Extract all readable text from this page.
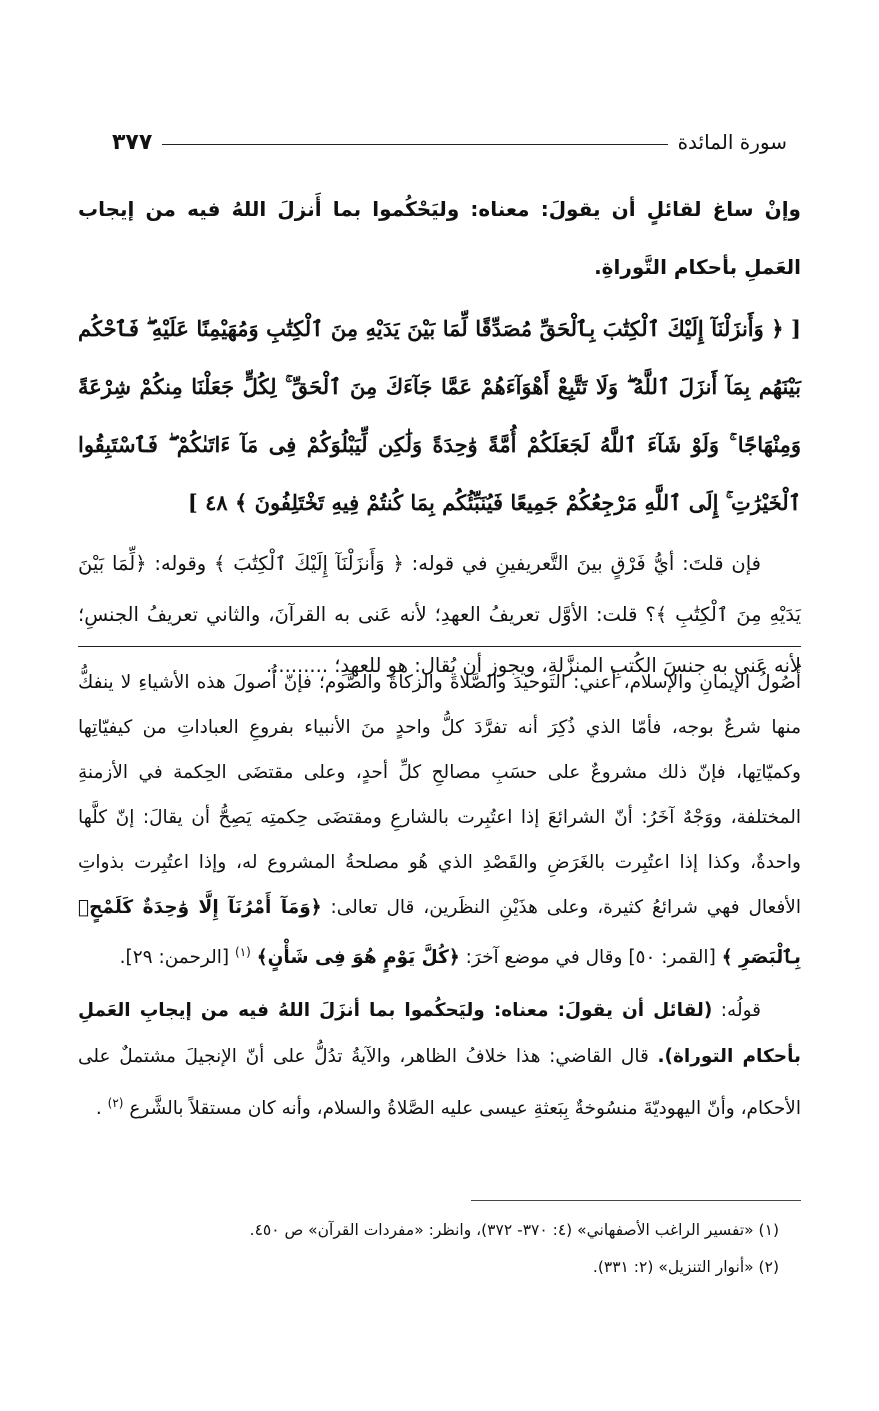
سورة المائدة
٣٧٧

وإنْ ساغ لقائلٍ أن يقولَ: معناه: وليَحْكُموا بما أَنزلَ اللهُ فيه من إيجاب العَملِ بأحكام التَّوراةِ.

[ ﴿ وَأَنزَلْنَآ إِلَيْكَ ٱلْكِتَٰبَ بِٱلْحَقِّ مُصَدِّقًا لِّمَا بَيْنَ يَدَيْهِ مِنَ ٱلْكِتَٰبِ وَمُهَيْمِنًا عَلَيْهِ ۖ فَٱحْكُم بَيْنَهُم بِمَآ أَنزَلَ ٱللَّهُ ۖ وَلَا تَتَّبِعْ أَهْوَآءَهُمْ عَمَّا جَآءَكَ مِنَ ٱلْحَقِّ ۚ لِكُلٍّ جَعَلْنَا مِنكُمْ شِرْعَةً وَمِنْهَاجًا ۚ وَلَوْ شَآءَ ٱللَّهُ لَجَعَلَكُمْ أُمَّةً وَٰحِدَةً وَلَٰكِن لِّيَبْلُوَكُمْ فِى مَآ ءَاتَىٰكُمْ ۖ فَٱسْتَبِقُوا ٱلْخَيْرَٰتِ ۚ إِلَى ٱللَّهِ مَرْجِعُكُمْ جَمِيعًا فَيُنَبِّئُكُم بِمَا كُنتُمْ فِيهِ تَخْتَلِفُونَ ﴾ ٤٨ ]

فإن قلتَ: أيُّ فَرْقٍ بينَ التَّعريفينِ في قوله: ﴿ وَأَنزَلْنَآ إِلَيْكَ ٱلْكِتَٰبَ ﴾ وقوله: ﴿لِّمَا بَيْنَ يَدَيْهِ مِنَ ٱلْكِتَٰبِ ﴾؟ قلت: الأوَّل تعريفُ العهدِ؛ لأنه عَنى به القرآنَ، والثاني تعريفُ الجنسِ؛ لأنه عَنى به جنسَ الكُتبِ المنزَّلةِ، ويجوز أن يُقال: هو للعهدِ؛ ..........

أُصُولُ الإيمانِ والإسلام، أعني: التوحيدَ والصَّلاةَ والزكاةَ والصَّوم؛ فإنّ أُصولَ هذه الأشياءِ لا ينفكُّ منها شرعٌ بوجه، فأمّا الذي ذُكِرَ أنه تفرَّدَ كلُّ واحدٍ منَ الأنبياء بفروعِ العباداتِ من كيفيّاتِها وكميّاتِها، فإنّ ذلك مشروعٌ على حسَبِ مصالحِ كلِّ أحدٍ، وعلى مقتضَى الحِكمة في الأزمنةِ المختلفة، ووَجْهٌ آخَرُ: أنّ الشرائعَ إذا اعتُبِرت بالشارعِ ومقتضَى حِكمتِه يَصِحُّ أن يقالَ: إنّ كلَّها واحدةٌ، وكذا إذا اعتُبِرت بالغَرَضِ والقَصْدِ الذي هُو مصلحةُ المشروع له، وإذا اعتُبِرت بذواتِ الأفعال فهي شرائعُ كثيرة، وعلى هذَيْنِ النظَرين، قال تعالى: ﴿وَمَآ أَمْرُنَآ إِلَّا وَٰحِدَةٌ كَلَمْحٍۭ بِٱلْبَصَرِ ﴾ [القمر: ٥٠] وقال في موضع آخرَ: ﴿كُلَّ يَوْمٍ هُوَ فِى شَأْنٍ﴾ $^{(١)}$ [الرحمن: ٢٩].

قولُه: (لقائل أن يقولَ: معناه: وليَحكُموا بما أنزَلَ اللهُ فيه من إيجابِ العَملِ بأحكام التوراة). قال القاضي: هذا خلافُ الظاهر، والآيةُ تدُلُّ على أنّ الإنجيلَ مشتملٌ على الأحكام، وأنّ اليهوديّةَ منسُوخةٌ بِبَعثةِ عيسى عليه الصَّلاةُ والسلام، وأنه كان مستقلاً بالشَّرع $^{(٢)}$ .

(١) «تفسير الراغب الأصفهاني» (٤: ٣٧٠- ٣٧٢)، وانظر: «مفردات القرآن» ص ٤٥٠.
(٢) «أنوار التنزيل» (٢: ٣٣١).
